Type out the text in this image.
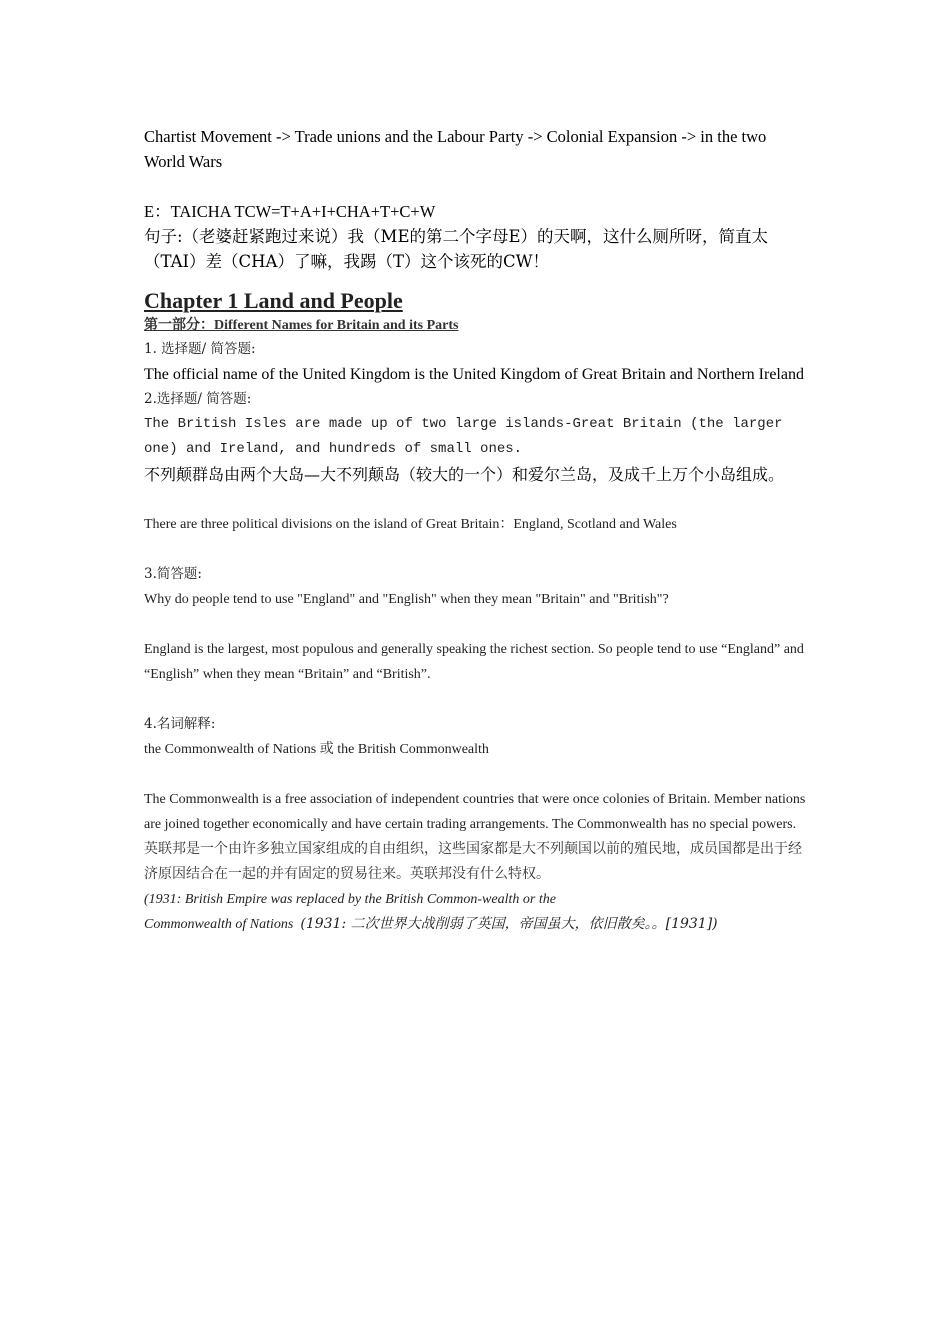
Chartist Movement -> Trade unions and the Labour Party -> Colonial Expansion -> in the two World Wars

E：TAICHA TCW=T+A+I+CHA+T+C+W

句子:（老婆赶紧跑过来说）我（ME的第二个字母E）的天啊，这什么厕所呀，简直太（TAI）差（CHA）了嘛，我踢（T）这个该死的CW！

Chapter 1 Land and People

第一部分：Different Names for Britain and its Parts

1. 选择题/ 简答题:

The official name of the United Kingdom is the United Kingdom of Great Britain and Northern Ireland

2.选择题/ 简答题:

The British Isles are made up of two large islands-Great Britain (the larger one) and Ireland, and hundreds of small ones.

不列颠群岛由两个大岛—大不列颠岛（较大的一个）和爱尔兰岛，及成千上万个小岛组成。

There are three political divisions on the island of Great Britain：England, Scotland and Wales

3.简答题:

Why do people tend to use "England" and "English" when they mean "Britain" and "British"?

England is the largest, most populous and generally speaking the richest section. So people tend to use “England” and “English” when they mean “Britain” and “British”.

4.名词解释:

the Commonwealth of Nations 或 the British Commonwealth

The Commonwealth is a free association of independent countries that were once colonies of Britain. Member nations are joined together economically and have certain trading arrangements. The Commonwealth has no special powers.

英联邦是一个由许多独立国家组成的自由组织，这些国家都是大不列颠国以前的殖民地，成员国都是出于经济原因结合在一起的并有固定的贸易往来。英联邦没有什么特权。

(1931: British Empire was replaced by the British Common-wealth or the

Commonwealth of Nations (1931: 二次世界大战削弱了英国，帝国虽大，依旧散矣。。[1931])
